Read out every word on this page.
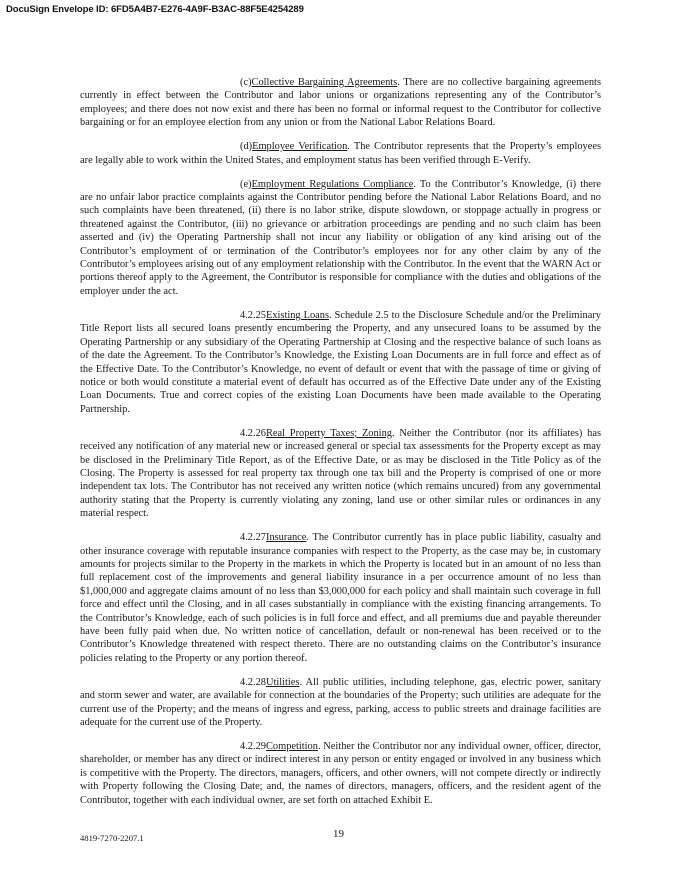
DocuSign Envelope ID: 6FD5A4B7-E276-4A9F-B3AC-88F5E4254289

(c)Collective Bargaining Agreements. There are no collective bargaining agreements currently in effect between the Contributor and labor unions or organizations representing any of the Contributor’s employees; and there does not now exist and there has been no formal or informal request to the Contributor for collective bargaining or for an employee election from any union or from the National Labor Relations Board.

(d)Employee Verification. The Contributor represents that the Property’s employees are legally able to work within the United States, and employment status has been verified through E-Verify.

(e)Employment Regulations Compliance. To the Contributor’s Knowledge, (i) there are no unfair labor practice complaints against the Contributor pending before the National Labor Relations Board, and no such complaints have been threatened, (ii) there is no labor strike, dispute slowdown, or stoppage actually in progress or threatened against the Contributor, (iii) no grievance or arbitration proceedings are pending and no such claim has been asserted and (iv) the Operating Partnership shall not incur any liability or obligation of any kind arising out of the Contributor’s employment of or termination of the Contributor’s employees nor for any other claim by any of the Contributor’s employees arising out of any employment relationship with the Contributor. In the event that the WARN Act or portions thereof apply to the Agreement, the Contributor is responsible for compliance with the duties and obligations of the employer under the act.

4.2.25Existing Loans. Schedule 2.5 to the Disclosure Schedule and/or the Preliminary Title Report lists all secured loans presently encumbering the Property, and any unsecured loans to be assumed by the Operating Partnership or any subsidiary of the Operating Partnership at Closing and the respective balance of such loans as of the date the Agreement. To the Contributor’s Knowledge, the Existing Loan Documents are in full force and effect as of the Effective Date. To the Contributor’s Knowledge, no event of default or event that with the passage of time or giving of notice or both would constitute a material event of default has occurred as of the Effective Date under any of the Existing Loan Documents. True and correct copies of the existing Loan Documents have been made available to the Operating Partnership.

4.2.26Real Property Taxes; Zoning. Neither the Contributor (nor its affiliates) has received any notification of any material new or increased general or special tax assessments for the Property except as may be disclosed in the Preliminary Title Report, as of the Effective Date, or as may be disclosed in the Title Policy as of the Closing. The Property is assessed for real property tax through one tax bill and the Property is comprised of one or more independent tax lots. The Contributor has not received any written notice (which remains uncured) from any governmental authority stating that the Property is currently violating any zoning, land use or other similar rules or ordinances in any material respect.

4.2.27Insurance. The Contributor currently has in place public liability, casualty and other insurance coverage with reputable insurance companies with respect to the Property, as the case may be, in customary amounts for projects similar to the Property in the markets in which the Property is located but in an amount of no less than full replacement cost of the improvements and general liability insurance in a per occurrence amount of no less than $1,000,000 and aggregate claims amount of no less than $3,000,000 for each policy and shall maintain such coverage in full force and effect until the Closing, and in all cases substantially in compliance with the existing financing arrangements. To the Contributor’s Knowledge, each of such policies is in full force and effect, and all premiums due and payable thereunder have been fully paid when due. No written notice of cancellation, default or non-renewal has been received or to the Contributor’s Knowledge threatened with respect thereto. There are no outstanding claims on the Contributor’s insurance policies relating to the Property or any portion thereof.

4.2.28Utilities. All public utilities, including telephone, gas, electric power, sanitary and storm sewer and water, are available for connection at the boundaries of the Property; such utilities are adequate for the current use of the Property; and the means of ingress and egress, parking, access to public streets and drainage facilities are adequate for the current use of the Property.

4.2.29Competition. Neither the Contributor nor any individual owner, officer, director, shareholder, or member has any direct or indirect interest in any person or entity engaged or involved in any business which is competitive with the Property. The directors, managers, officers, and other owners, will not compete directly or indirectly with Property following the Closing Date; and, the names of directors, managers, officers, and the resident agent of the Contributor, together with each individual owner, are set forth on attached Exhibit E.

4819-7270-2207.1	19
